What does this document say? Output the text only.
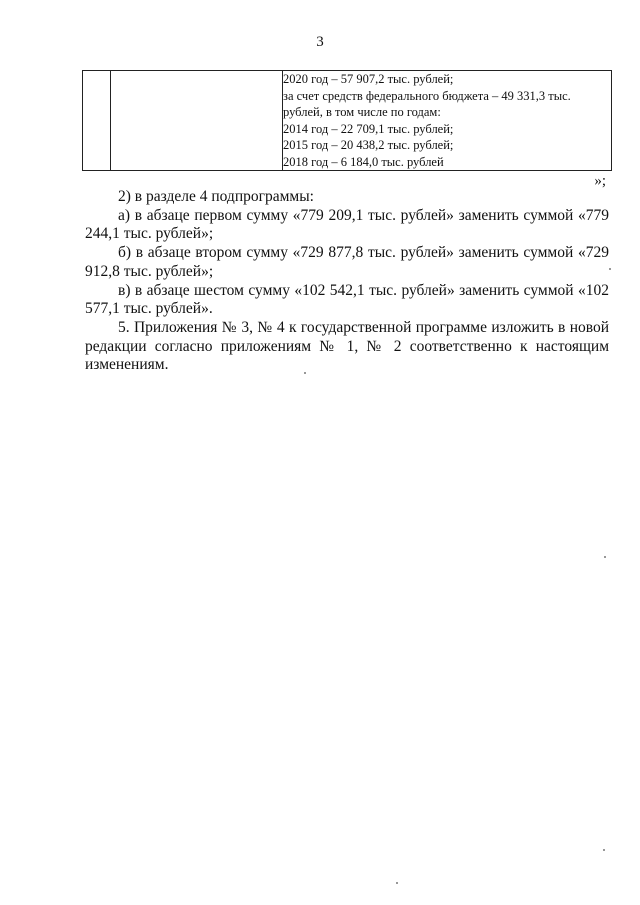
3

2020 год – 57 907,2 тыс. рублей;
за счет средств федерального бюджета – 49 331,3 тыс.
рублей, в том числе по годам:
2014 год – 22 709,1 тыс. рублей;
2015 год – 20 438,2 тыс. рублей;
2018 год – 6 184,0 тыс. рублей
»;
2) в разделе 4 подпрограммы:
а) в абзаце первом сумму «779 209,1 тыс. рублей» заменить суммой «779 244,1 тыс. рублей»;
б) в абзаце втором сумму «729 877,8 тыс. рублей» заменить суммой «729 912,8 тыс. рублей»;
в) в абзаце шестом сумму «102 542,1 тыс. рублей» заменить суммой «102 577,1 тыс. рублей».
5. Приложения № 3, № 4 к государственной программе изложить в новой редакции согласно приложениям № 1, № 2 соответственно к настоящим изменениям.
